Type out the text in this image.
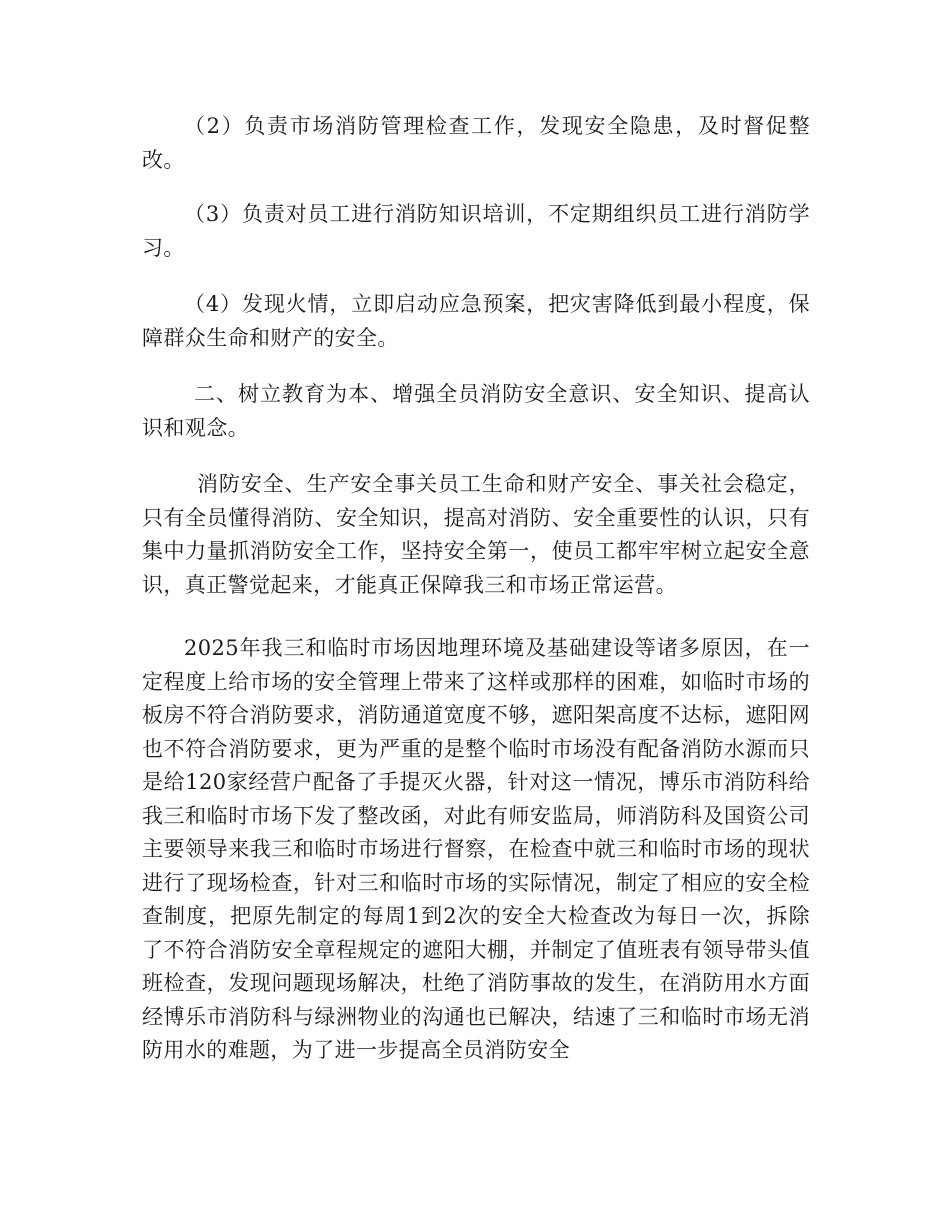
（2）负责市场消防管理检查工作，发现安全隐患，及时督促整改。

（3）负责对员工进行消防知识培训，不定期组织员工进行消防学习。

（4）发现火情，立即启动应急预案，把灾害降低到最小程度，保障群众生命和财产的安全。

二、树立教育为本、增强全员消防安全意识、安全知识、提高认识和观念。

消防安全、生产安全事关员工生命和财产安全、事关社会稳定，只有全员懂得消防、安全知识，提高对消防、安全重要性的认识，只有集中力量抓消防安全工作，坚持安全第一，使员工都牢牢树立起安全意识，真正警觉起来，才能真正保障我三和市场正常运营。

2025年我三和临时市场因地理环境及基础建设等诸多原因，在一定程度上给市场的安全管理上带来了这样或那样的困难，如临时市场的板房不符合消防要求，消防通道宽度不够，遮阳架高度不达标，遮阳网也不符合消防要求，更为严重的是整个临时市场没有配备消防水源而只是给120家经营户配备了手提灭火器，针对这一情况，博乐市消防科给我三和临时市场下发了整改函，对此有师安监局，师消防科及国资公司主要领导来我三和临时市场进行督察，在检查中就三和临时市场的现状进行了现场检查，针对三和临时市场的实际情况，制定了相应的安全检查制度，把原先制定的每周1到2次的安全大检查改为每日一次，拆除了不符合消防安全章程规定的遮阳大棚，并制定了值班表有领导带头值班检查，发现问题现场解决，杜绝了消防事故的发生，在消防用水方面经博乐市消防科与绿洲物业的沟通也已解决，结速了三和临时市场无消防用水的难题，为了进一步提高全员消防安全
